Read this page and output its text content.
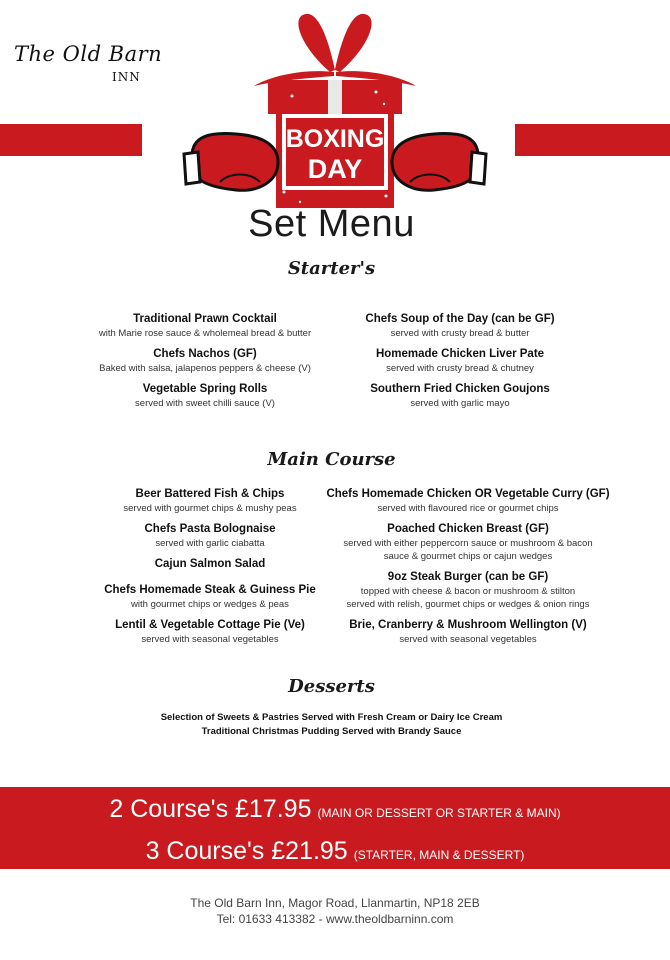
The Old Barn
INN
BOXING
DAY
Set Menu
Starter's
Traditional Prawn Cocktail
with Marie rose sauce & wholemeal bread & butter
Chefs Nachos (GF)
Baked with salsa, jalapenos peppers & cheese (V)
Vegetable Spring Rolls
served with sweet chilli sauce (V)
Chefs Soup of the Day (can be GF)
served with crusty bread & butter
Homemade Chicken Liver Pate
served with crusty bread & chutney
Southern Fried Chicken Goujons
served with garlic mayo
Main Course
Beer Battered Fish & Chips
served with gourmet chips & mushy peas
Chefs Pasta Bolognaise
served with garlic ciabatta
Cajun Salmon Salad
Chefs Homemade Steak & Guiness Pie
with gourmet chips or wedges & peas
Lentil & Vegetable Cottage Pie (Ve)
served with seasonal vegetables
Chefs Homemade Chicken OR Vegetable Curry (GF)
served with flavoured rice or gourmet chips
Poached Chicken Breast (GF)
served with either peppercorn sauce or mushroom & bacon
sauce & gourmet chips or cajun wedges
9oz Steak Burger (can be GF)
topped with cheese & bacon or mushroom & stilton
served with relish, gourmet chips or wedges & onion rings
Brie, Cranberry & Mushroom Wellington (V)
served with seasonal vegetables
Desserts
Selection of Sweets & Pastries Served with Fresh Cream or Dairy Ice Cream
Traditional Christmas Pudding Served with Brandy Sauce
2 Course's £17.95 (MAIN OR DESSERT OR STARTER & MAIN)
3 Course's £21.95 (STARTER, MAIN & DESSERT)
The Old Barn Inn, Magor Road, Llanmartin, NP18 2EB
Tel: 01633 413382 - www.theoldbarninn.com
